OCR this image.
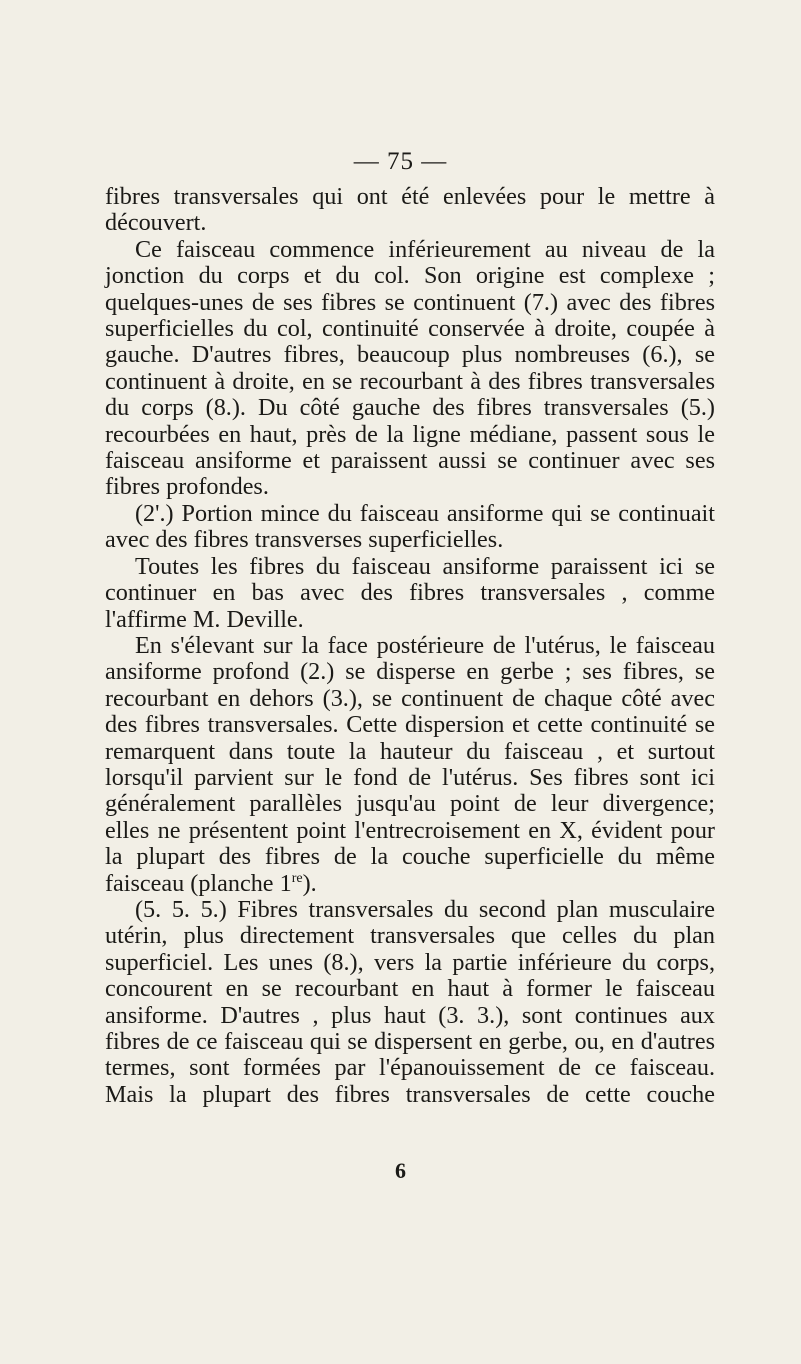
— 75 —

fibres transversales qui ont été enlevées pour le mettre à découvert.

Ce faisceau commence inférieurement au niveau de la jonction du corps et du col. Son origine est complexe ; quelques-unes de ses fibres se continuent (7.) avec des fibres superficielles du col, continuité conservée à droite, coupée à gauche. D'autres fibres, beaucoup plus nombreuses (6.), se continuent à droite, en se recourbant à des fibres transversales du corps (8.). Du côté gauche des fibres transversales (5.) recourbées en haut, près de la ligne médiane, passent sous le faisceau ansiforme et paraissent aussi se continuer avec ses fibres profondes.

(2'.) Portion mince du faisceau ansiforme qui se continuait avec des fibres transverses superficielles.

Toutes les fibres du faisceau ansiforme paraissent ici se continuer en bas avec des fibres transversales , comme l'affirme M. Deville.

En s'élevant sur la face postérieure de l'utérus, le faisceau ansiforme profond (2.) se disperse en gerbe ; ses fibres, se recourbant en dehors (3.), se continuent de chaque côté avec des fibres transversales. Cette dispersion et cette continuité se remarquent dans toute la hauteur du faisceau , et surtout lorsqu'il parvient sur le fond de l'utérus. Ses fibres sont ici généralement parallèles jusqu'au point de leur divergence; elles ne présentent point l'entrecroisement en X, évident pour la plupart des fibres de la couche superficielle du même faisceau (planche 1re).

(5. 5. 5.) Fibres transversales du second plan musculaire utérin, plus directement transversales que celles du plan superficiel. Les unes (8.), vers la partie inférieure du corps, concourent en se recourbant en haut à former le faisceau ansiforme. D'autres , plus haut (3. 3.), sont continues aux fibres de ce faisceau qui se dispersent en gerbe, ou, en d'autres termes, sont formées par l'épanouissement de ce faisceau. Mais la plupart des fibres transversales de cette couche

6
